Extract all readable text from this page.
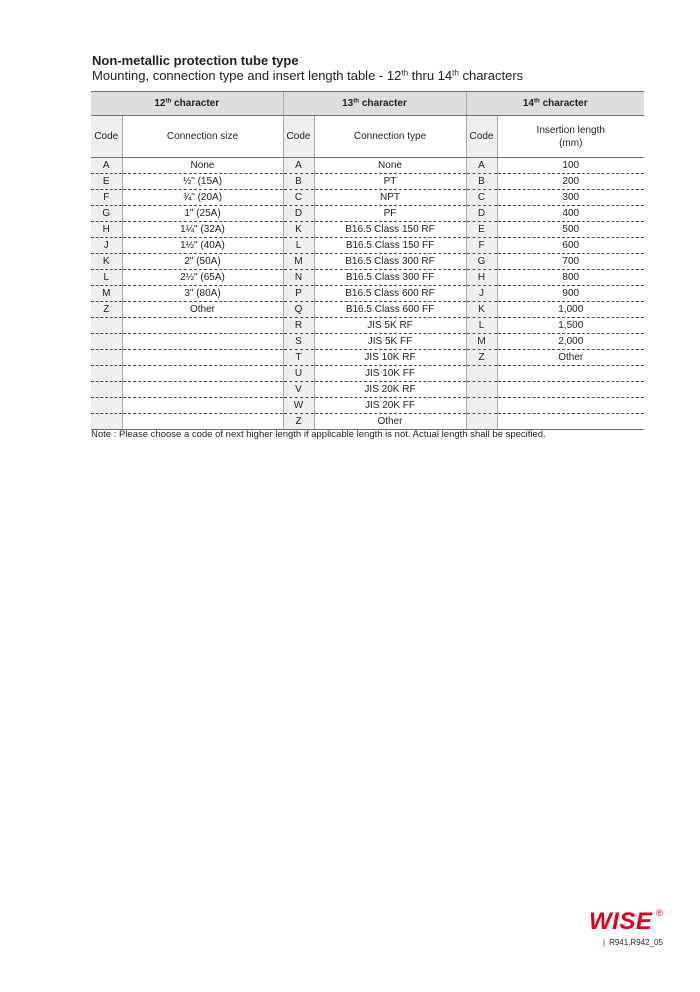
Non-metallic protection tube type

Mounting, connection type and insert length table - 12th thru 14th characters

12th character		13th character		14th character	
Code	Connection size	Code	Connection type	Code	Insertion length
(mm)
A	None	A	None	A	100
E	½" (15A)	B	PT	B	200
F	¾" (20A)	C	NPT	C	300
G	1" (25A)	D	PF	D	400
H	1¼" (32A)	K	B16.5 Class 150 RF	E	500
J	1½" (40A)	L	B16.5 Class 150 FF	F	600
K	2" (50A)	M	B16.5 Class 300 RF	G	700
L	2½" (65A)	N	B16.5 Class 300 FF	H	800
M	3" (80A)	P	B16.5 Class 600 RF	J	900
Z	Other	Q	B16.5 Class 600 FF	K	1,000
		R	JIS 5K RF	L	1,500
		S	JIS 5K FF	M	2,000
		T	JIS 10K RF	Z	Other
		U	JIS 10K FF		
		V	JIS 20K RF		
		W	JIS 20K FF		
		Z	Other		

Note : Please choose a code of next higher length if applicable length is not. Actual length shall be specified.

WISE ®
| R941.R942_05
